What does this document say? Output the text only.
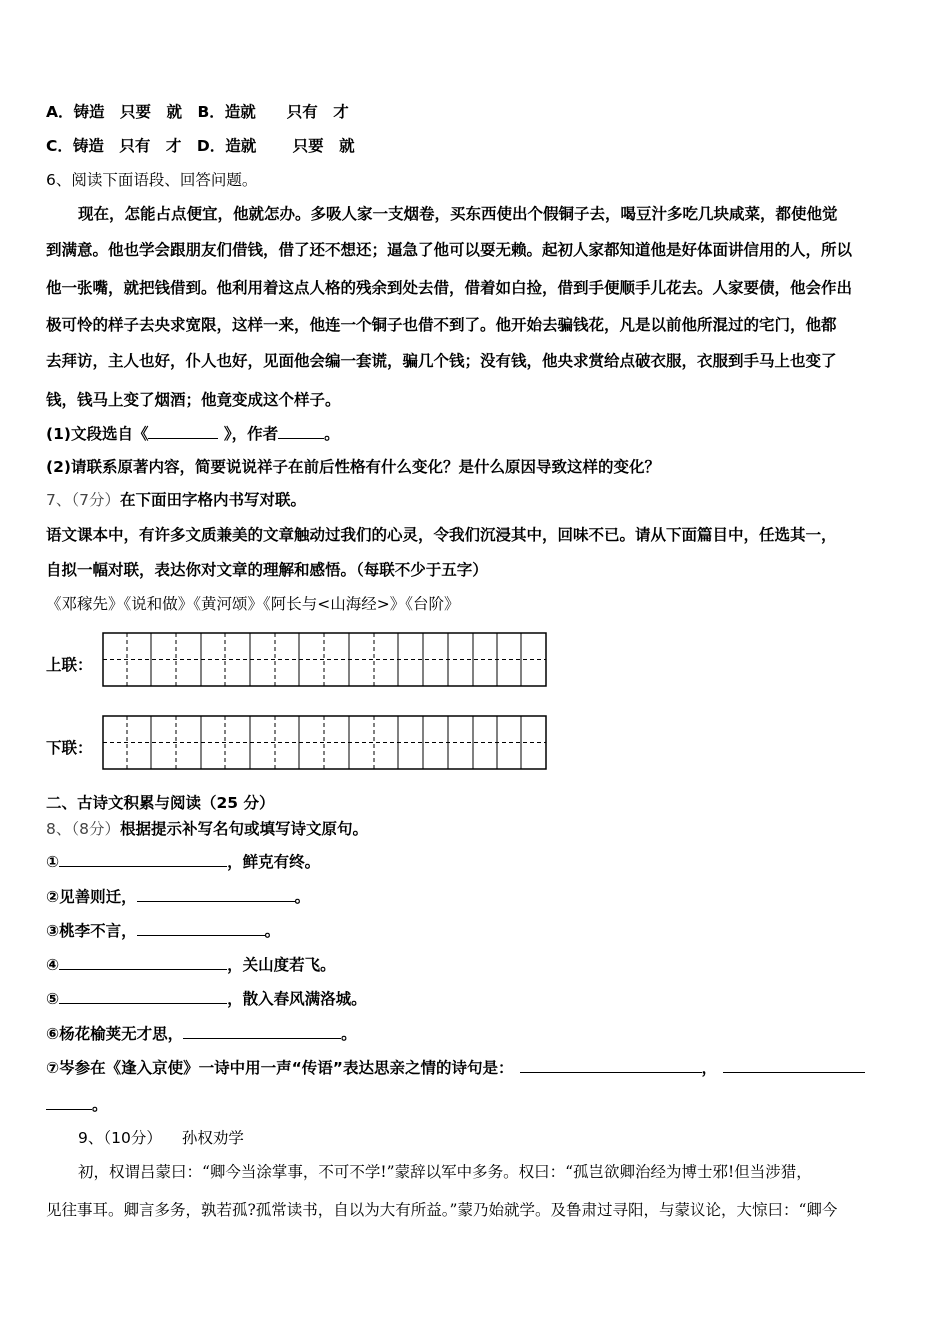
A．铸造　只要　就　B．造就　　只有　才
C．铸造　只有　才　D．造就　　 只要　就
6、阅读下面语段、回答问题。
现在，怎能占点便宜，他就怎办。多吸人家一支烟卷，买东西使出个假铜子去，喝豆汁多吃几块咸菜，都使他觉
到满意。他也学会跟朋友们借钱，借了还不想还；逼急了他可以耍无赖。起初人家都知道他是好体面讲信用的人，所以
他一张嘴，就把钱借到。他利用着这点人格的残余到处去借，借着如白捡，借到手便顺手儿花去。人家要债，他会作出
极可怜的样子去央求宽限，这样一来，他连一个铜子也借不到了。他开始去骗钱花，凡是以前他所混过的宅门，他都
去拜访，主人也好，仆人也好，见面他会编一套谎，骗几个钱；没有钱，他央求赏给点破衣服，衣服到手马上也变了
钱，钱马上变了烟酒；他竟变成这个样子。
(1)文段选自《	》，作者	。
(2)请联系原著内容，简要说说祥子在前后性格有什么变化？是什么原因导致这样的变化？
7、（7分）在下面田字格内书写对联。
语文课本中，有许多文质兼美的文章触动过我们的心灵，令我们沉浸其中，回味不已。请从下面篇目中，任选其一，
自拟一幅对联，表达你对文章的理解和感悟。（每联不少于五字）
《邓稼先》《说和做》《黄河颂》《阿长与<山海经>》《台阶》
上联：
下联：
二、古诗文积累与阅读（25 分）
8、（8分）根据提示补写名句或填写诗文原句。
①	，鲜克有终。
②见善则迁，	。
③桃李不言，	。
④	，关山度若飞。
⑤	，散入春风满洛城。
⑥杨花榆荚无才思，	。
⑦岑参在《逢入京使》一诗中用一声“传语”表达思亲之情的诗句是：	，
。
9、（10分） 孙权劝学
初，权谓吕蒙曰：“卿今当涂掌事，不可不学!”蒙辞以军中多务。权曰：“孤岂欲卿治经为博士邪!但当涉猎，
见往事耳。卿言多务，孰若孤?孤常读书，自以为大有所益。”蒙乃始就学。及鲁肃过寻阳，与蒙议论，大惊曰：“卿今
